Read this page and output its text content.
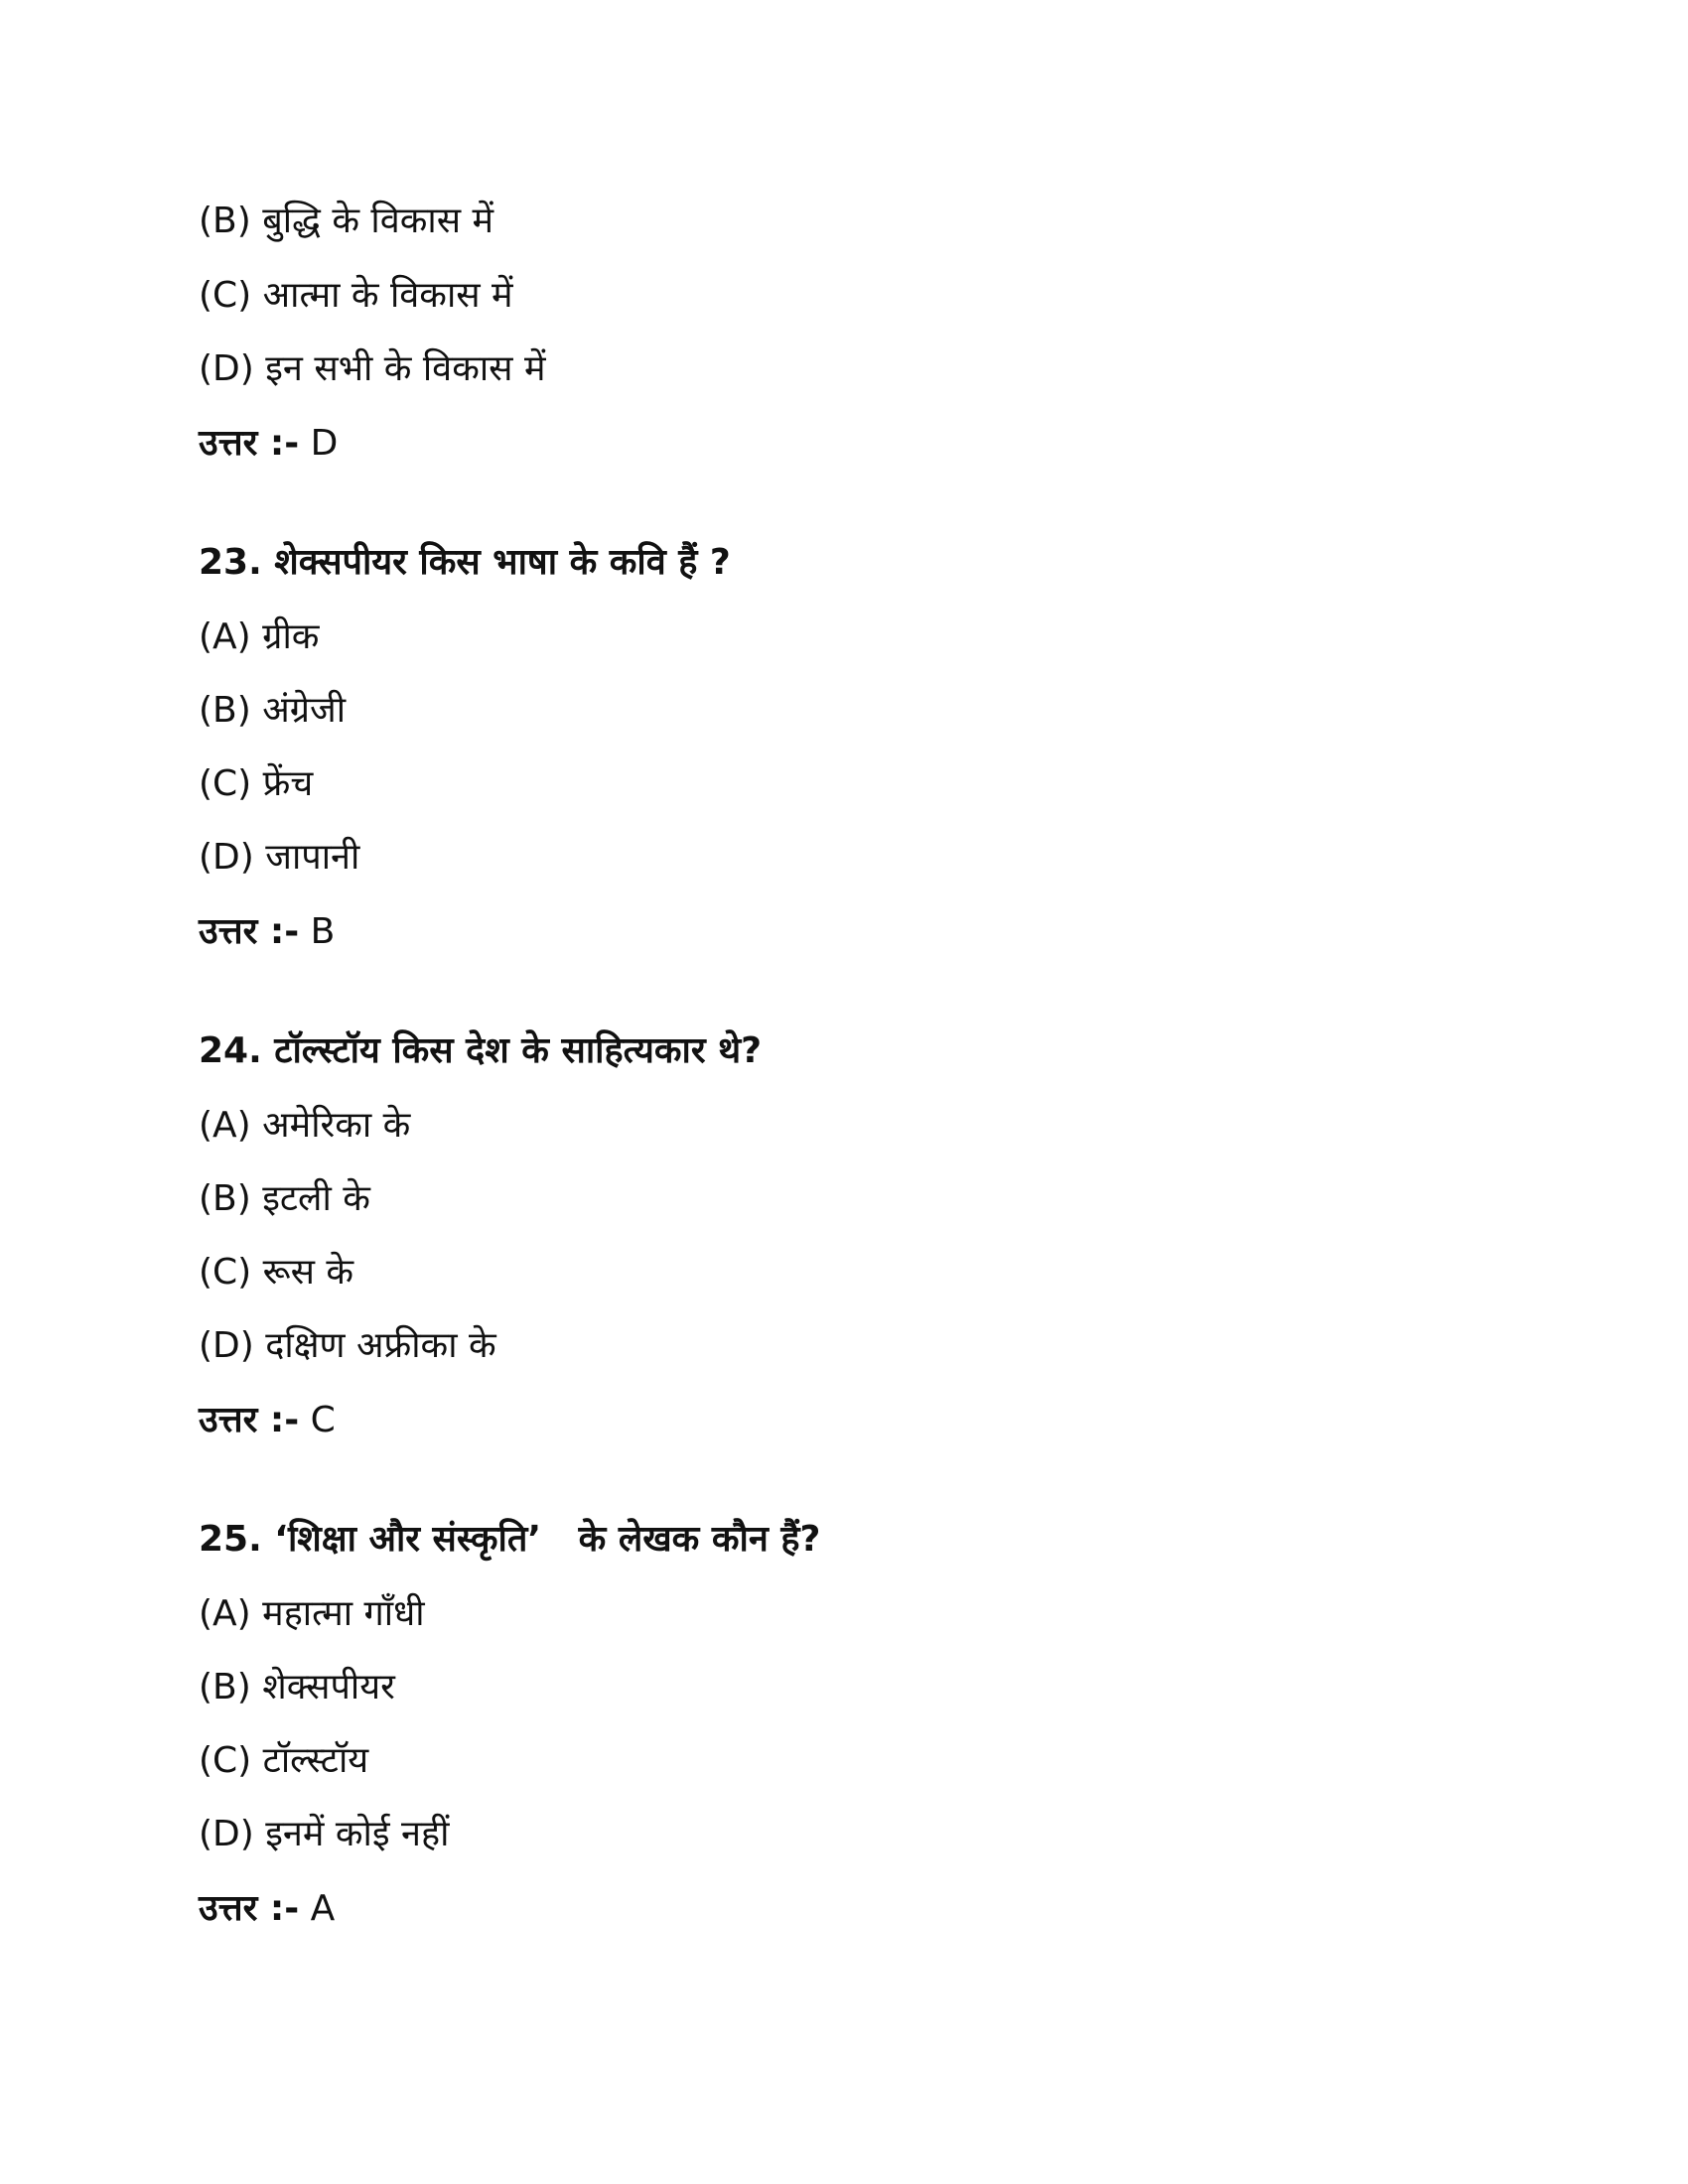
(B) बुद्धि के विकास में
(C) आत्मा के विकास में
(D) इन सभी के विकास में
उत्तर :- D
23. शेक्सपीयर किस भाषा के कवि हैं ?
(A) ग्रीक
(B) अंग्रेजी
(C) फ्रेंच
(D) जापानी
उत्तर :- B
24. टॉल्स्टॉय किस देश के साहित्यकार थे?
(A) अमेरिका के
(B) इटली के
(C) रूस के
(D) दक्षिण अफ्रीका के
उत्तर :- C
25. ‘शिक्षा और संस्कृति’   के लेखक कौन हैं?
(A) महात्मा गाँधी
(B) शेक्सपीयर
(C) टॉल्स्टॉय
(D) इनमें कोई नहीं
उत्तर :- A
